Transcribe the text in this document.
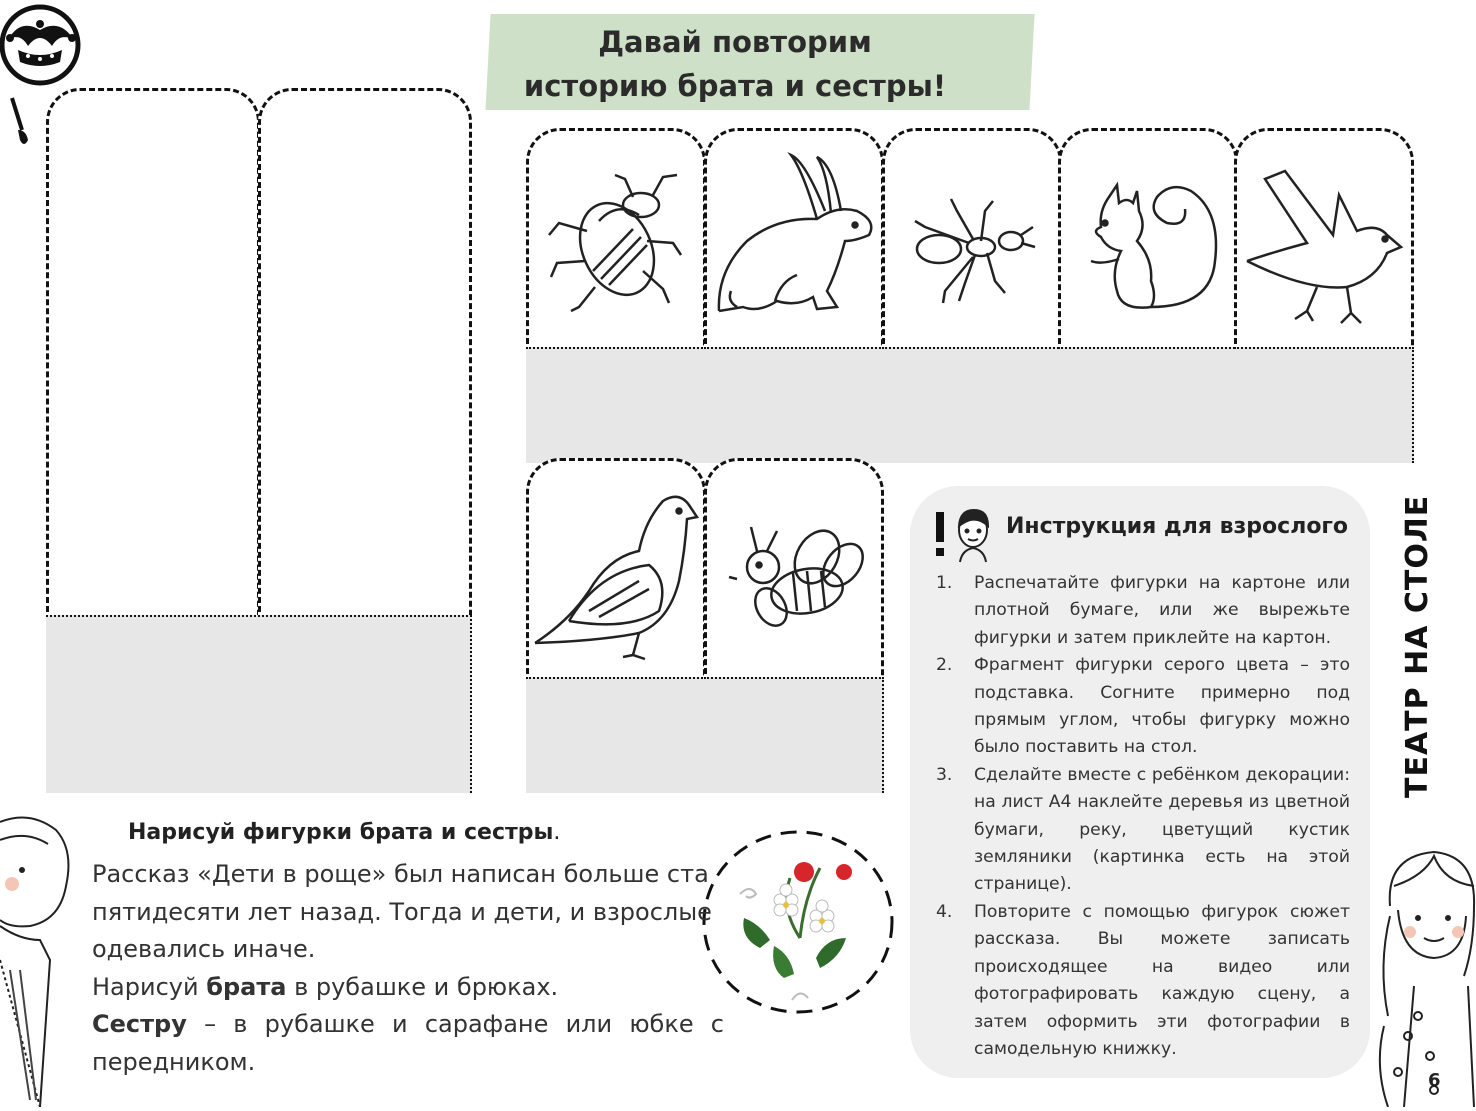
Давай повторим
историю брата и сестры!
Инструкция для взрослого
1. Распечатайте фигурки на картоне или плотной бумаге, или же вырежьте фигурки и затем приклейте на картон.
2. Фрагмент фигурки серого цвета – это подставка. Согните примерно под прямым углом, чтобы фигурку можно было поставить на стол.
3. Сделайте вместе с ребёнком декорации: на лист А4 наклейте деревья из цветной бумаги, реку, цветущий кустик земляники (картинка есть на этой странице).
4. Повторите с помощью фигурок сюжет рассказа. Вы можете записать происходящее на видео или фотографировать каждую сцену, а затем оформить эти фотографии в самодельную книжку.
ТЕАТР НА СТОЛЕ
Нарисуй фигурки брата и сестры.

Рассказ «Дети в роще» был написан больше ста пятидесяти лет назад. Тогда и дети, и взрослые одевались иначе.

Нарисуй брата в рубашке и брюках.

Сестру – в рубашке и сарафане или юбке с передником.

6
